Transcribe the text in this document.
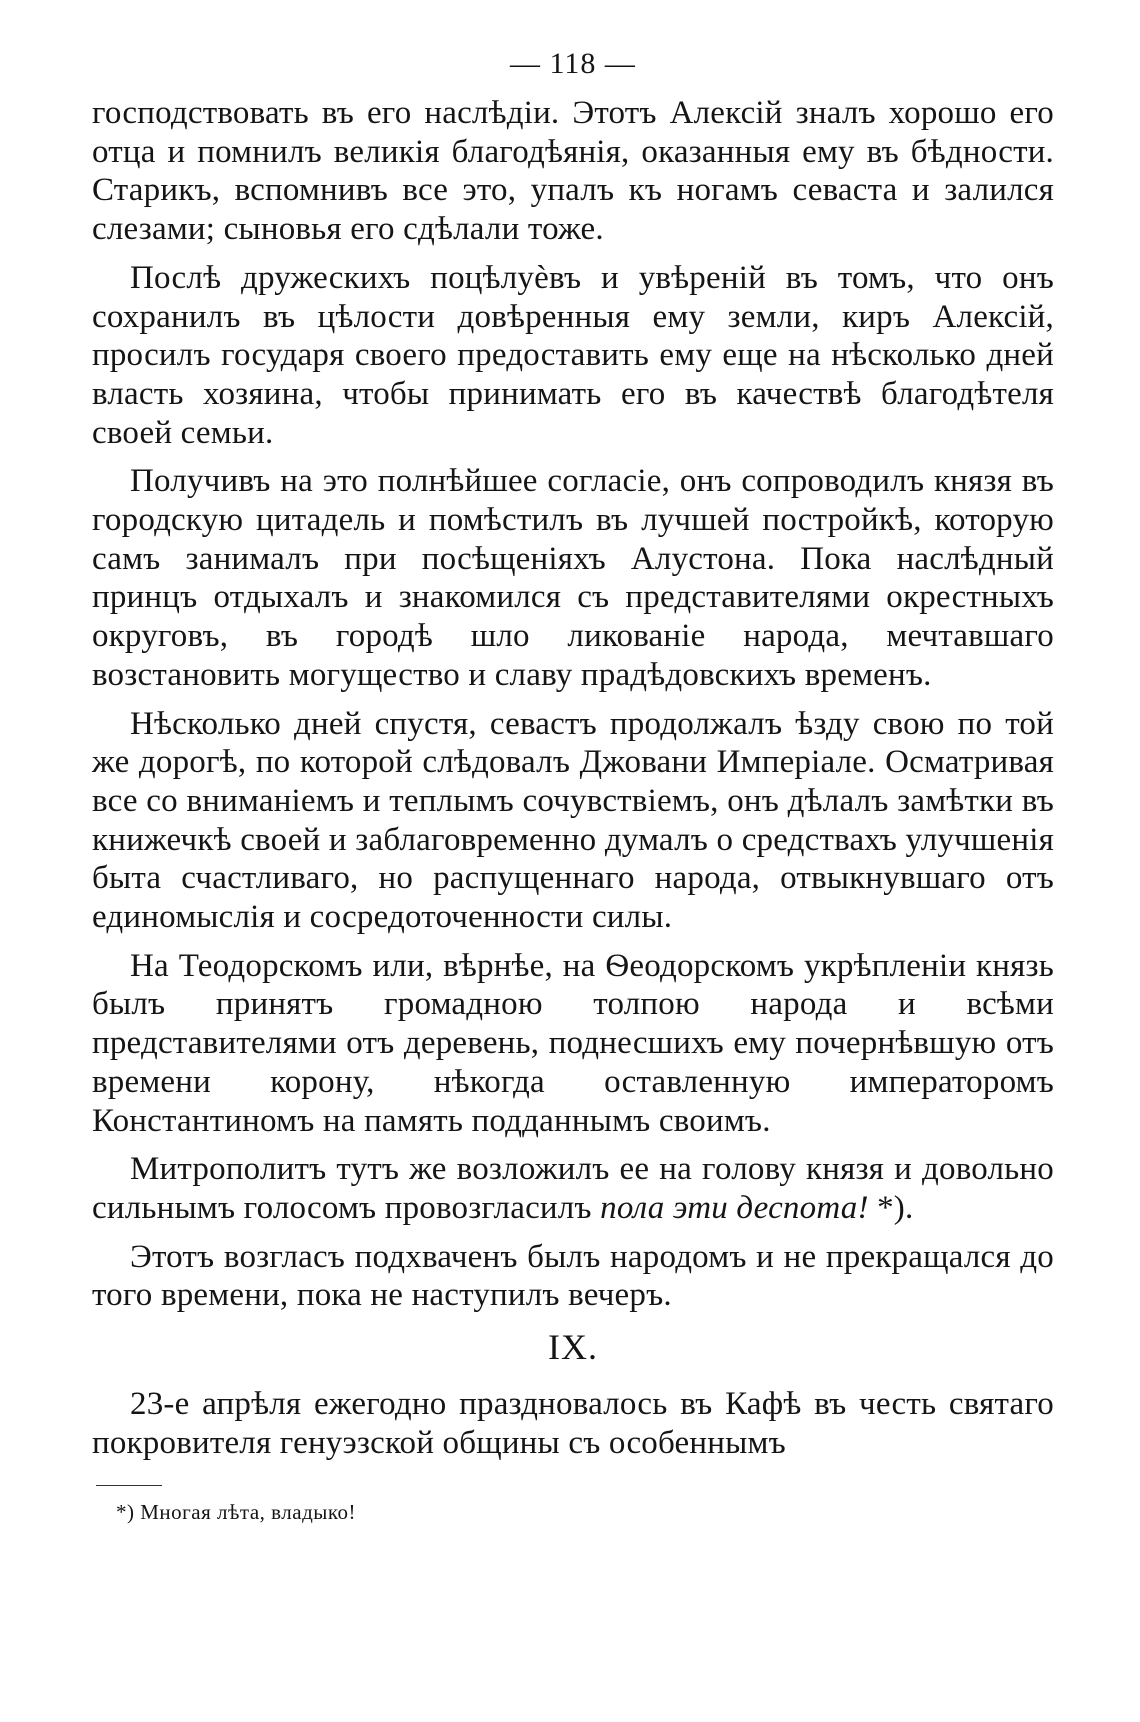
— 118 —

господствовать въ его наслѣдіи. Этотъ Алексій зналъ хорошо его отца и помнилъ великія благодѣянія, оказанныя ему въ бѣдности. Старикъ, вспомнивъ все это, упалъ къ ногамъ севаста и залился слезами; сыновья его сдѣлали тоже.

Послѣ дружескихъ поцѣлуѐвъ и увѣреній въ томъ, что онъ сохранилъ въ цѣлости довѣренныя ему земли, киръ Алексій, просилъ государя своего предоставить ему еще на нѣсколько дней власть хозяина, чтобы принимать его въ качествѣ благодѣтеля своей семьи.

Получивъ на это полнѣйшее согласіе, онъ сопроводилъ князя въ городскую цитадель и помѣстилъ въ лучшей постройкѣ, которую самъ занималъ при посѣщеніяхъ Алустона. Пока наслѣдный принцъ отдыхалъ и знакомился съ представителями окрестныхъ округовъ, въ городѣ шло ликованіе народа, мечтавшаго возстановить могущество и славу прадѣдовскихъ временъ.

Нѣсколько дней спустя, севастъ продолжалъ ѣзду свою по той же дорогѣ, по которой слѣдовалъ Джовани Имперіале. Осматривая все со вниманіемъ и теплымъ сочувствіемъ, онъ дѣлалъ замѣтки въ книжечкѣ своей и заблаговременно думалъ о средствахъ улучшенія быта счастливаго, но распущеннаго народа, отвыкнувшаго отъ единомыслія и сосредоточенности силы.

На Теодорскомъ или, вѣрнѣе, на Ѳеодорскомъ укрѣпленіи князь былъ принятъ громадною толпою народа и всѣми представителями отъ деревень, поднесшихъ ему почернѣвшую отъ времени корону, нѣкогда оставленную императоромъ Константиномъ на память подданнымъ своимъ.

Митрополитъ тутъ же возложилъ ее на голову князя и довольно сильнымъ голосомъ провозгласилъ пола эти деспота! *).

Этотъ возгласъ подхваченъ былъ народомъ и не прекращался до того времени, пока не наступилъ вечеръ.

IX.

23-е апрѣля ежегодно праздновалось въ Кафѣ въ честь святаго покровителя генуэзской общины съ особеннымъ

*) Многая лѣта, владыко!
